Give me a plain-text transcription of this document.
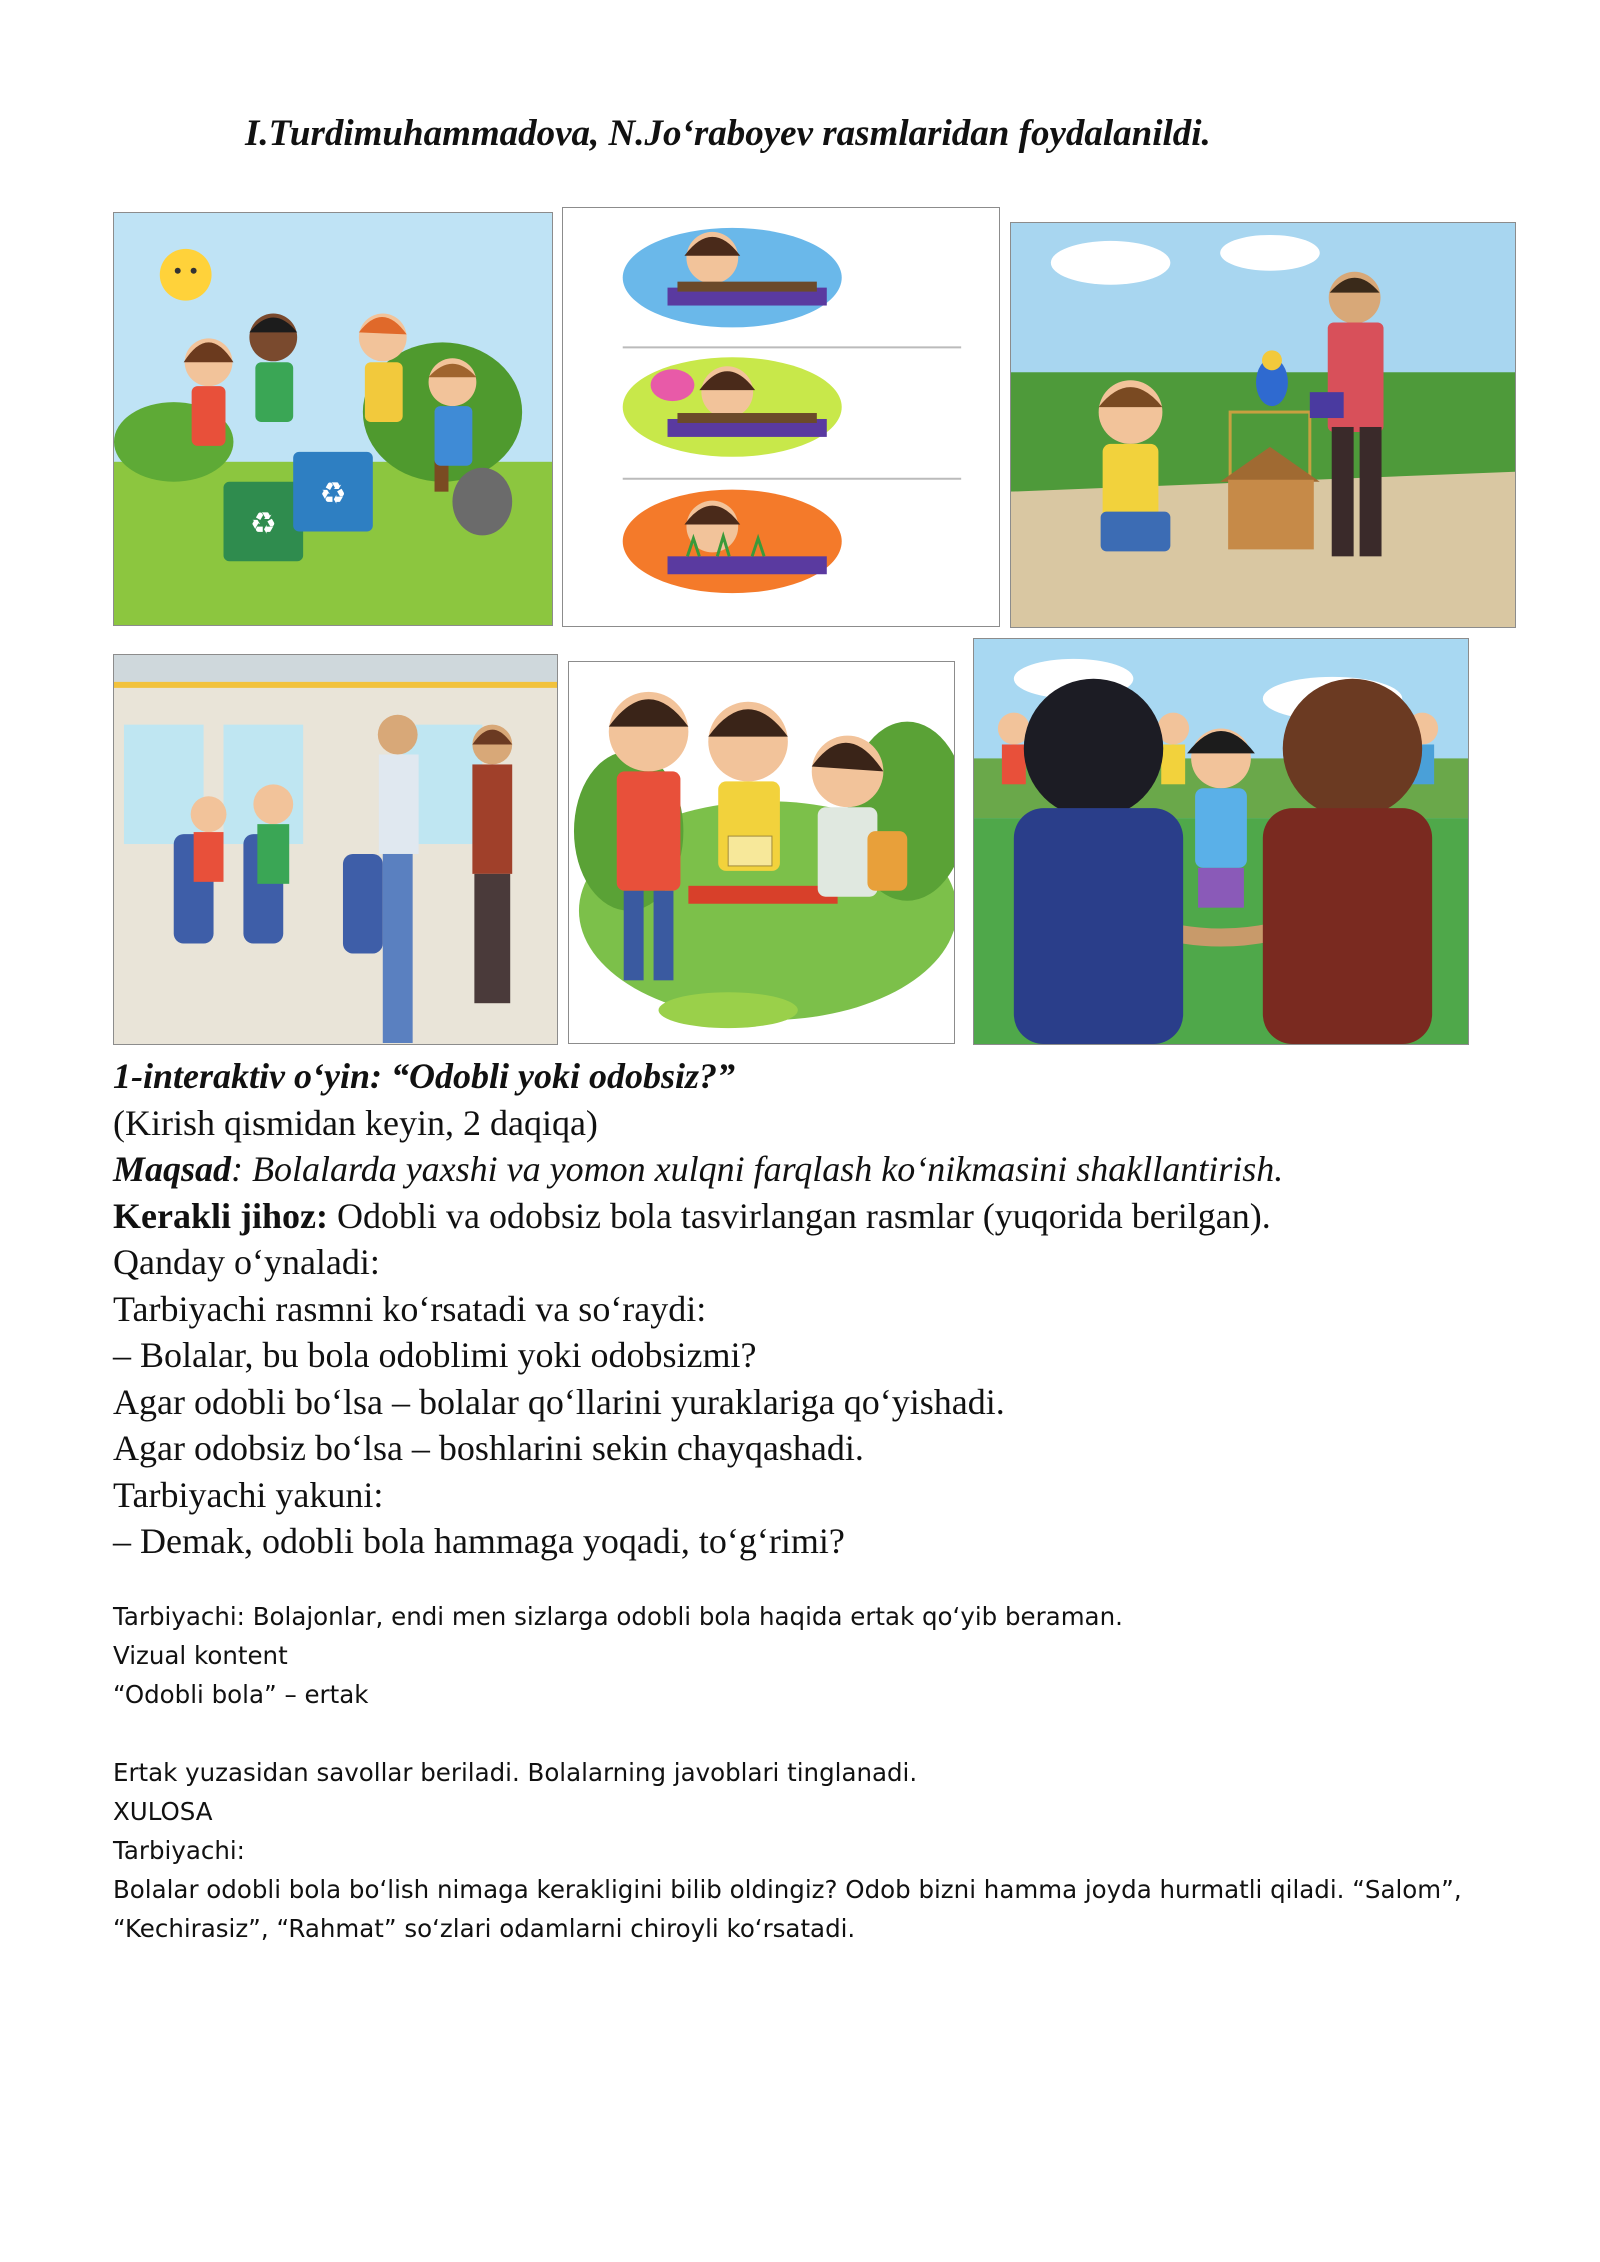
I.Turdimuhammadova, N.Jo‘raboyev rasmlaridan foydalanildi.

♻
♻

1-interaktiv o‘yin: “Odobli yoki odobsiz?”

(Kirish qismidan keyin, 2 daqiqa)

Maqsad: Bolalarda yaxshi va yomon xulqni farqlash ko‘nikmasini shakllantirish.

Kerakli jihoz: Odobli va odobsiz bola tasvirlangan rasmlar (yuqorida berilgan).

Qanday o‘ynaladi:

Tarbiyachi rasmni ko‘rsatadi va so‘raydi:

– Bolalar, bu bola odoblimi yoki odobsizmi?

Agar odobli bo‘lsa – bolalar qo‘llarini yuraklariga qo‘yishadi.

Agar odobsiz bo‘lsa – boshlarini sekin chayqashadi.

Tarbiyachi yakuni:

– Demak, odobli bola hammaga yoqadi, to‘g‘rimi?

Tarbiyachi: Bolajonlar, endi men sizlarga odobli bola haqida ertak qo‘yib beraman.

Vizual kontent

“Odobli bola” – ertak

Ertak yuzasidan savollar beriladi. Bolalarning javoblari tinglanadi.

XULOSA

Tarbiyachi:

Bolalar odobli bola bo‘lish nimaga kerakligini bilib oldingiz? Odob bizni hamma joyda hurmatli qiladi. “Salom”,

“Kechirasiz”, “Rahmat” so‘zlari odamlarni chiroyli ko‘rsatadi.
